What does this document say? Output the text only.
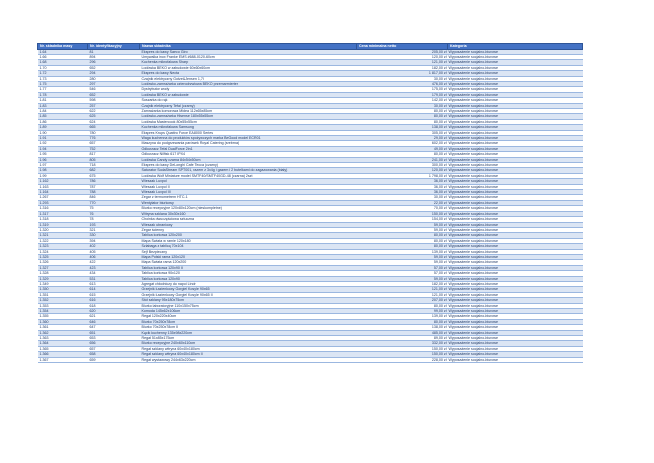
Nr. składnika masy	Nr. identyfikacyjny	Nazwa składnika	Cena minimalna netto	Kategoria
1.64	81	Ekspres do kawy Saeco Giro	205,00 zł	Wyposażenie socjalno-biurowe
1.66	894	Umywalka inox Franke EMS #688-0120-60cm	120,00 zł	Wyposażenie socjalno-biurowe
1.68	296	Kuchenka mikrofalowa Sharp	121,00 zł	Wyposażenie socjalno-biurowe
1.70	652	Lodówka BEKO w zabudowie 60x60x60cm	182,00 zł	Wyposażenie socjalno-biurowe
1.72	294	Ekspres do kawy Necta	1 817,00 zł	Wyposażenie socjalno-biurowe
1.73	280	Czajnik elektryczny Gotze&Jensen 1,7l	30,00 zł	Wyposażenie socjalno-biurowe
1.75	297	Lodówko-zamrażarka czterodrzwiowa BEKO przemarmierter	476,00 zł	Wyposażenie socjalno-biurowe
1.77	546	Dystrybutor wody	175,00 zł	Wyposażenie socjalno-biurowe
1.78	652	Lodówka BEKO w zabudowie	179,00 zł	Wyposażenie socjalno-biurowe
1.81	598	Suszarka do rąk	142,00 zł	Wyposażenie socjalno-biurowe
1.83	257	Czajnik elektryczny Tefal (czarny)	30,00 zł	Wyposażenie socjalno-biurowe
1.84	622	Zamrażarka komorowa Midea 112x65x85cm	80,00 zł	Wyposażenie socjalno-biurowe
1.85	625	Lodówko-zamrażarka Hisense 180x55x55cm	80,00 zł	Wyposażenie socjalno-biurowe
1.86	624	Lodówka Mastercook 80x55x55cm	80,00 zł	Wyposażenie socjalno-biurowe
1.89	665	Kuchenka mikrofalowa Samsung	138,00 zł	Wyposażenie socjalno-biurowe
1.90	780	Ekspres Krups Quattro Force EA8000 Series	305,00 zł	Wyposażenie socjalno-biurowe
1.91	776	Waga kuchenna do produktów spożywczych marka BeGood model ECR01	29,00 zł	Wyposażenie socjalno-biurowe
1.92	657	Maszyna do podgrzewania parówek Royal Catering (srebrna)	602,00 zł	Wyposażenie socjalno-biurowe
1.94	752	Odkurzacz Tefal DualForce 2in1	49,00 zł	Wyposażenie socjalno-biurowe
1.95	817	Odkurzacz Nilfisk 617 IPX4	80,00 zł	Wyposażenie socjalno-biurowe
1.96	805	Lodówka Candy czarna 84x54x50cm	241,00 zł	Wyposażenie socjalno-biurowe
1.97	718	Ekspres do kawy DeLonghi Cafe Tecca (czarny)	300,00 zł	Wyposażenie socjalno-biurowe
1.98	682	Saturator SodaStream SPT001, razem z 3x4g i gazem i 2 butelkami do zagazowania (biały)	120,00 zł	Wyposażenie socjalno-biurowe
1.99	675	Lodówka Wolf Miniature model SMTF40/SMTF40GD-48 (czarna) 2szt	1 798,00 zł	Wyposażenie socjalno-biurowe
1.162	786	Wieszak Luxpol	36,00 zł	Wyposażenie socjalno-biurowe
1.163	787	Wieszak Luxpol II	36,00 zł	Wyposażenie socjalno-biurowe
1.164	788	Wieszak Luxpol III	36,00 zł	Wyposażenie socjalno-biurowe
1.267	846	Zegar z termometrem HTC-1	30,00 zł	Wyposażenie socjalno-biurowe
1.293	770	Wentylator biurkowy	22,00 zł	Wyposażenie socjalno-biurowe
1.316	75	Biurko recepcyjne 120x80x120cm (nieskompletne)	70,00 zł	Wyposażenie socjalno-biurowe
1.317	76	Witryna szklana 30x30x160	150,00 zł	Wyposażenie socjalno-biurowe
1.318	78	Choinka dwuczęściowa sztuczna	154,00 zł	Wyposażenie socjalno-biurowe
1.319	193	Wieszak ubraniowy	59,00 zł	Wyposażenie socjalno-biurowe
1.320	321	Zegar ścienny	59,00 zł	Wyposażenie socjalno-biurowe
1.321	330	Tablica korkowa 120x200	80,00 zł	Wyposażenie socjalno-biurowe
1.322	394	Mapa Świata w ramie 120x180	80,00 zł	Wyposażenie socjalno-biurowe
1.323	402	Szlabaga z tablicą 70x104	80,00 zł	Wyposażenie socjalno-biurowe
1.324	405	Sejf Bezpieczny	139,00 zł	Wyposażenie socjalno-biurowe
1.325	406	Mapa Polski rama 120x120	59,00 zł	Wyposażenie socjalno-biurowe
1.326	422	Mapa Świata rama 120x200	59,00 zł	Wyposażenie socjalno-biurowe
1.327	423	Tablica korkowa 120x90 II	57,00 zł	Wyposażenie socjalno-biurowe
1.328	434	Tablica korkowa 90x120	57,00 zł	Wyposażenie socjalno-biurowe
1.329	531	Tablica korkowa 120x90	59,00 zł	Wyposażenie socjalno-biurowe
1.349	613	Agregat chłodniczy do napoi Lindr	182,00 zł	Wyposażenie socjalno-biurowe
1.350	614	Grzejnik Łazienkowy Gorgiel Kosyle 90x65	121,00 zł	Wyposażenie socjalno-biurowe
1.351	615	Grzejnik Łazienkowy Gorgiel Kosyle 90x65 II	121,00 zł	Wyposażenie socjalno-biurowe
1.352	616	Stół szklany 95x180x75cm	207,00 zł	Wyposażenie socjalno-biurowe
1.353	618	Biurko laboratoryjne 110x150x75cm	80,00 zł	Wyposażenie socjalno-biurowe
1.354	620	Komoda 145x62x106cm	99,00 zł	Wyposażenie socjalno-biurowe
1.355	621	Regał 120x220x40cm	139,00 zł	Wyposażenie socjalno-biurowe
1.360	646	Biurko 70x250x78cm	80,00 zł	Wyposażenie socjalno-biurowe
1.361	647	Biurko 70x250x78cm II	138,00 zł	Wyposażenie socjalno-biurowe
1.362	651	Kącik kuchenny 135x98x220cm	485,00 zł	Wyposażenie socjalno-biurowe
1.363	653	Regał 51x85x175cm	89,00 zł	Wyposażenie socjalno-biurowe
1.364	656	Biurko recepcyjne 240x60x110cm	332,00 zł	Wyposażenie socjalno-biurowe
1.365	657	Regał szklany witryna 60x40x180cm	150,00 zł	Wyposażenie socjalno-biurowe
1.366	658	Regał szklany witryna 60x40x180cm II	150,00 zł	Wyposażenie socjalno-biurowe
1.367	659	Regał wystawowy 244x63x220cm	228,00 zł	Wyposażenie socjalno-biurowe
